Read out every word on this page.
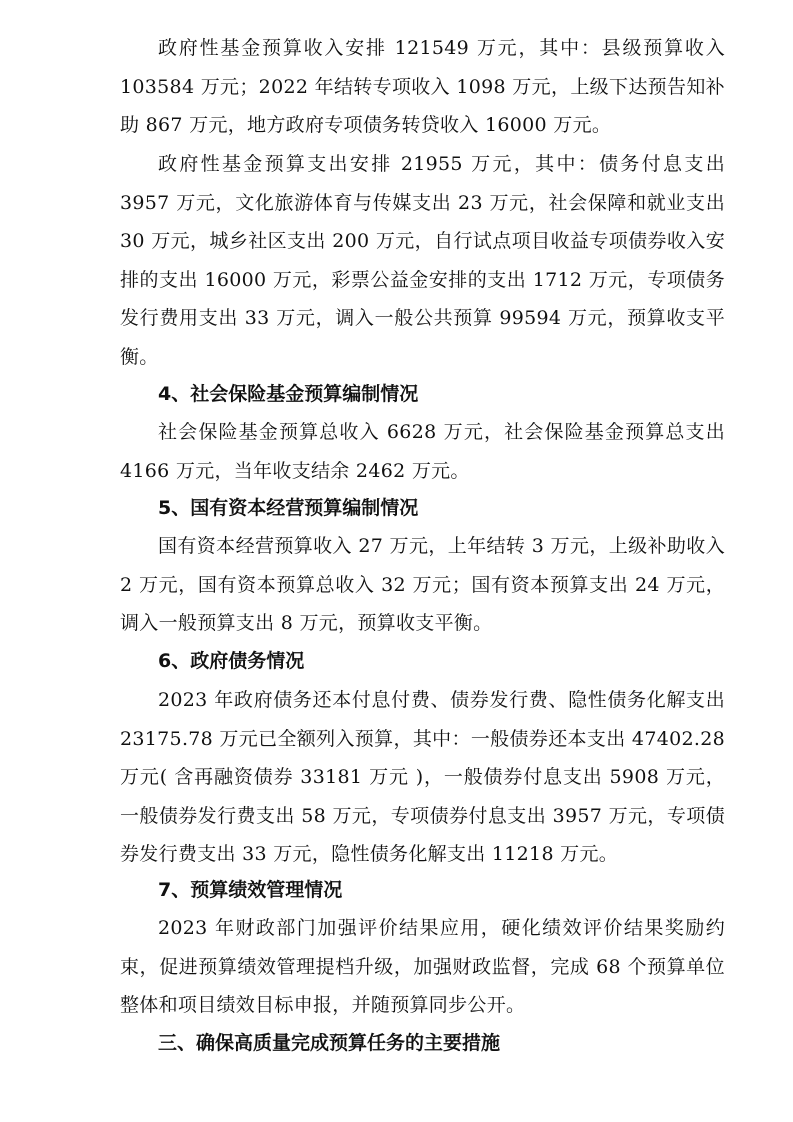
政府性基金预算收入安排 121549 万元，其中：县级预算收入 103584 万元；2022 年结转专项收入 1098 万元，上级下达预告知补助 867 万元，地方政府专项债务转贷收入 16000 万元。

政府性基金预算支出安排 21955 万元，其中：债务付息支出 3957 万元，文化旅游体育与传媒支出 23 万元，社会保障和就业支出 30 万元，城乡社区支出 200 万元，自行试点项目收益专项债券收入安排的支出 16000 万元，彩票公益金安排的支出 1712 万元，专项债务发行费用支出 33 万元，调入一般公共预算 99594 万元，预算收支平衡。

4、社会保险基金预算编制情况

社会保险基金预算总收入 6628 万元，社会保险基金预算总支出 4166 万元，当年收支结余 2462 万元。

5、国有资本经营预算编制情况

国有资本经营预算收入 27 万元，上年结转 3 万元，上级补助收入 2 万元，国有资本预算总收入 32 万元；国有资本预算支出 24 万元，调入一般预算支出 8 万元，预算收支平衡。

6、政府债务情况

2023 年政府债务还本付息付费、债券发行费、隐性债务化解支出 23175.78 万元已全额列入预算，其中：一般债券还本支出 47402.28 万元( 含再融资债券 33181 万元 )，一般债券付息支出 5908 万元，一般债券发行费支出 58 万元，专项债券付息支出 3957 万元，专项债券发行费支出 33 万元，隐性债务化解支出 11218 万元。

7、预算绩效管理情况

2023 年财政部门加强评价结果应用，硬化绩效评价结果奖励约束，促进预算绩效管理提档升级，加强财政监督，完成 68 个预算单位整体和项目绩效目标申报，并随预算同步公开。

三、确保高质量完成预算任务的主要措施
